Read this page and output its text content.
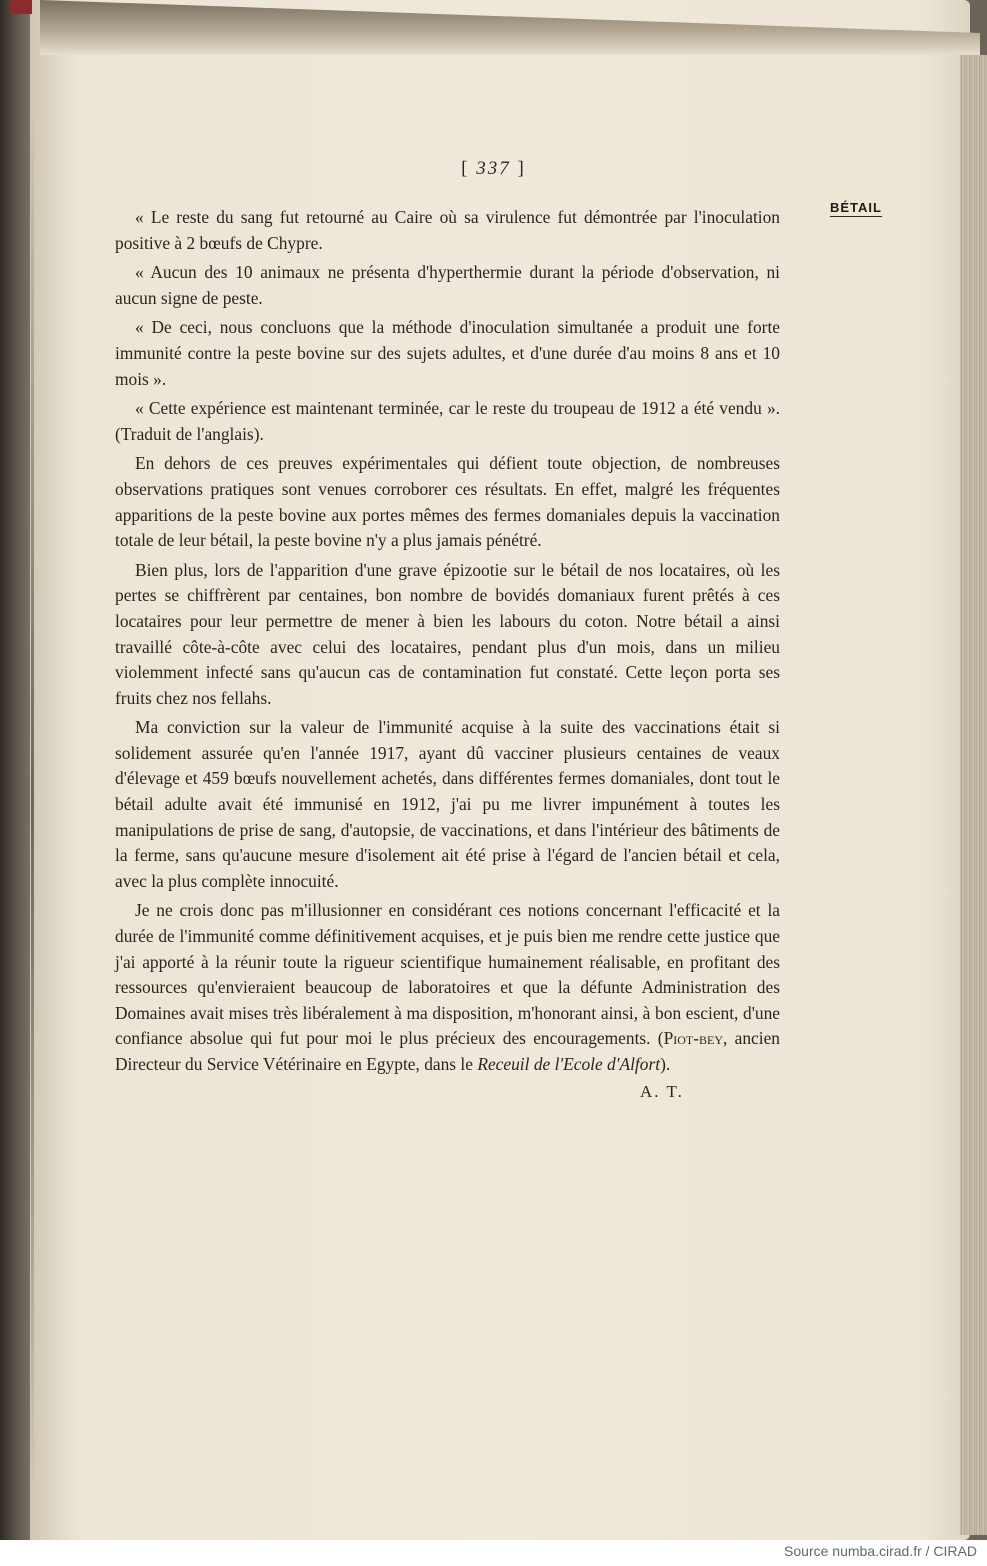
[ 337 ]
BÉTAIL

« Le reste du sang fut retourné au Caire où sa virulence fut démontrée par l'inoculation positive à 2 bœufs de Chypre.

« Aucun des 10 animaux ne présenta d'hyperthermie durant la période d'observation, ni aucun signe de peste.

« De ceci, nous concluons que la méthode d'inoculation simultanée a produit une forte immunité contre la peste bovine sur des sujets adultes, et d'une durée d'au moins 8 ans et 10 mois ».

« Cette expérience est maintenant terminée, car le reste du troupeau de 1912 a été vendu ». (Traduit de l'anglais).

En dehors de ces preuves expérimentales qui défient toute objection, de nombreuses observations pratiques sont venues corroborer ces résultats. En effet, malgré les fréquentes apparitions de la peste bovine aux portes mêmes des fermes domaniales depuis la vaccination totale de leur bétail, la peste bovine n'y a plus jamais pénétré.

Bien plus, lors de l'apparition d'une grave épizootie sur le bétail de nos locataires, où les pertes se chiffrèrent par centaines, bon nombre de bovidés domaniaux furent prêtés à ces locataires pour leur permettre de mener à bien les labours du coton. Notre bétail a ainsi travaillé côte-à-côte avec celui des locataires, pendant plus d'un mois, dans un milieu violemment infecté sans qu'aucun cas de contamination fut constaté. Cette leçon porta ses fruits chez nos fellahs.

Ma conviction sur la valeur de l'immunité acquise à la suite des vaccinations était si solidement assurée qu'en l'année 1917, ayant dû vacciner plusieurs centaines de veaux d'élevage et 459 bœufs nouvellement achetés, dans différentes fermes domaniales, dont tout le bétail adulte avait été immunisé en 1912, j'ai pu me livrer impunément à toutes les manipulations de prise de sang, d'autopsie, de vaccinations, et dans l'intérieur des bâtiments de la ferme, sans qu'aucune mesure d'isolement ait été prise à l'égard de l'ancien bétail et cela, avec la plus complète innocuité.

Je ne crois donc pas m'illusionner en considérant ces notions concernant l'efficacité et la durée de l'immunité comme définitivement acquises, et je puis bien me rendre cette justice que j'ai apporté à la réunir toute la rigueur scientifique humainement réalisable, en profitant des ressources qu'envieraient beaucoup de laboratoires et que la défunte Administration des Domaines avait mises très libéralement à ma disposition, m'honorant ainsi, à bon escient, d'une confiance absolue qui fut pour moi le plus précieux des encouragements. (Piot-bey, ancien Directeur du Service Vétérinaire en Egypte, dans le Receuil de l'Ecole d'Alfort).

A. T.
Source numba.cirad.fr / CIRAD
